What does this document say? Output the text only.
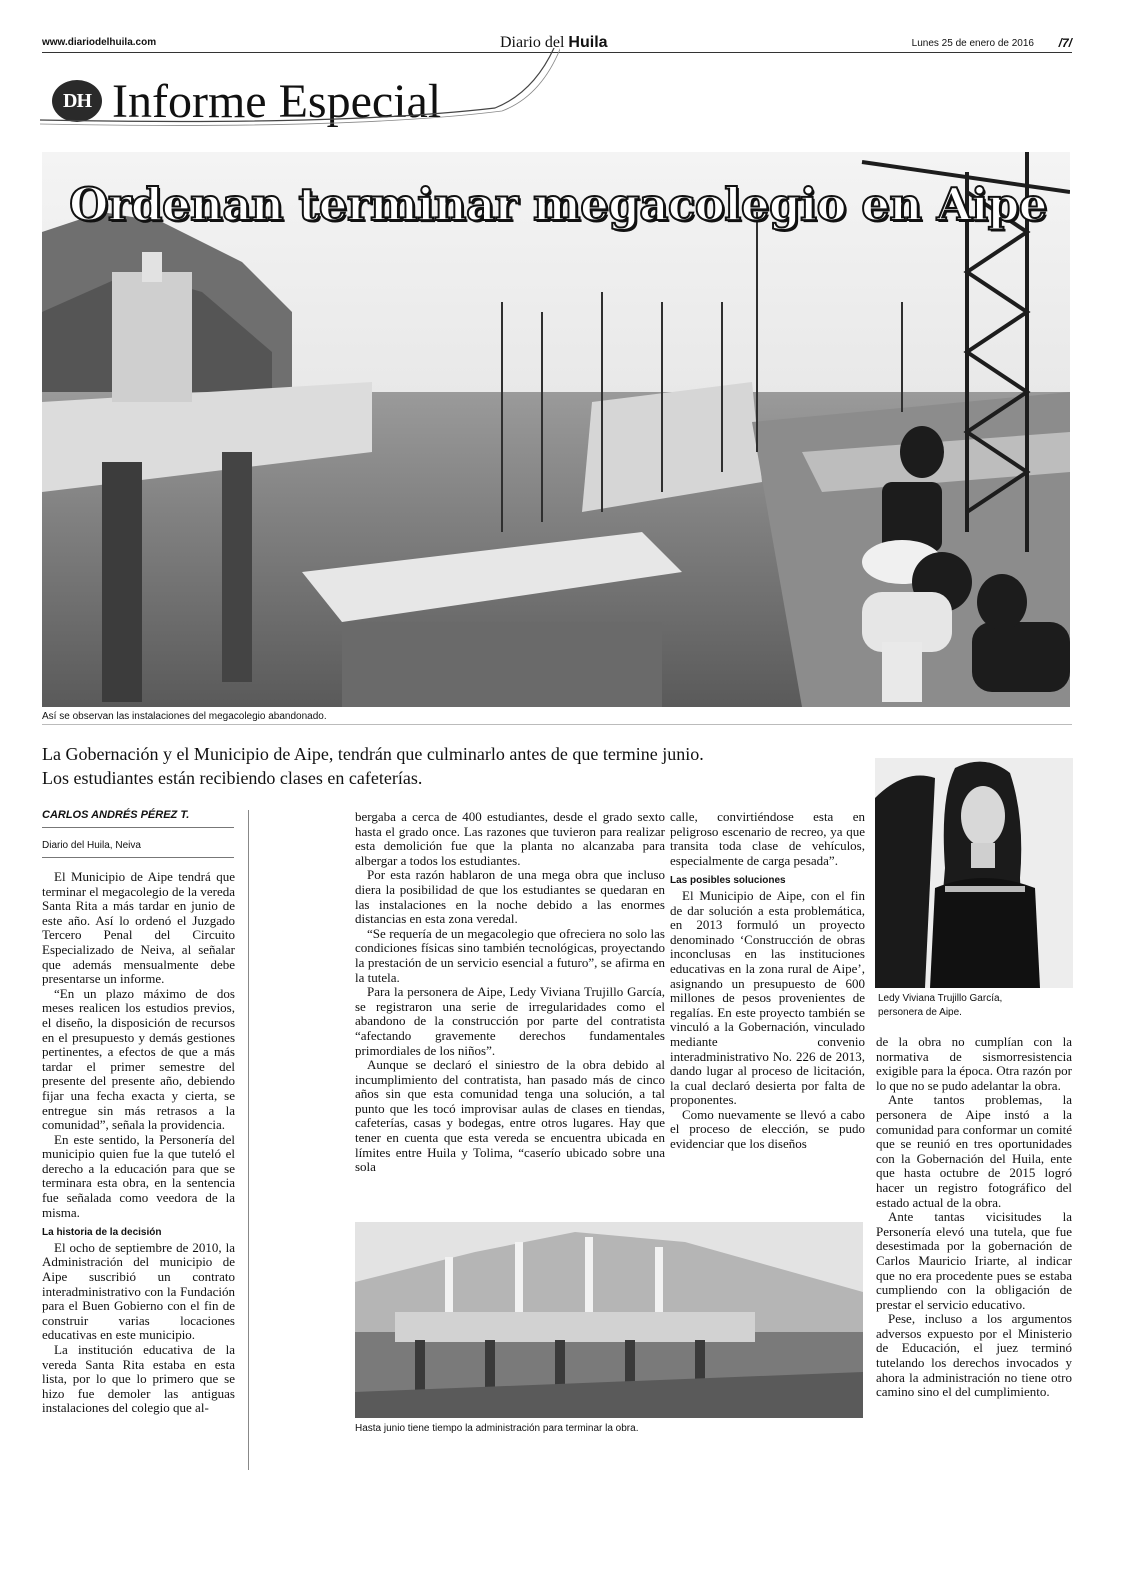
www.diariodelhuila.com	Diario del Huila	Lunes 25 de enero de 2016 /7/
DH Informe Especial
Ordenan terminar megacolegio en Aipe
Así se observan las instalaciones del megacolegio abandonado.
La Gobernación y el Municipio de Aipe, tendrán que culminarlo antes de que termine junio.
Los estudiantes están recibiendo clases en cafeterías.
CARLOS ANDRÉS PÉREZ T.
Diario del Huila, Neiva

El Municipio de Aipe tendrá que terminar el megacolegio de la vereda Santa Rita a más tardar en junio de este año. Así lo ordenó el Juzgado Tercero Penal del Circuito Especializado de Neiva, al señalar que además mensualmente debe presentarse un informe.

“En un plazo máximo de dos meses realicen los estudios previos, el diseño, la disposición de recursos en el presupuesto y demás gestiones pertinentes, a efectos de que a más tardar el primer semestre del presente del presente año, debiendo fijar una fecha exacta y cierta, se entregue sin más retrasos a la comunidad”, señala la providencia.

En este sentido, la Personería del municipio quien fue la que tuteló el derecho a la educación para que se terminara esta obra, en la sentencia fue señalada como veedora de la misma.

La historia de la decisión

El ocho de septiembre de 2010, la Administración del municipio de Aipe suscribió un contrato interadministrativo con la Fundación para el Buen Gobierno con el fin de construir varias locaciones educativas en este municipio.

La institución educativa de la vereda Santa Rita estaba en esta lista, por lo que lo primero que se hizo fue demoler las antiguas instalaciones del colegio que al-

bergaba a cerca de 400 estudiantes, desde el grado sexto hasta el grado once. Las razones que tuvieron para realizar esta demolición fue que la planta no alcanzaba para albergar a todos los estudiantes.

Por esta razón hablaron de una mega obra que incluso diera la posibilidad de que los estudiantes se quedaran en las instalaciones en la noche debido a las enormes distancias en esta zona veredal.

“Se requería de un megacolegio que ofreciera no solo las condiciones físicas sino también tecnológicas, proyectando la prestación de un servicio esencial a futuro”, se afirma en la tutela.

Para la personera de Aipe, Ledy Viviana Trujillo García, se registraron una serie de irregularidades como el abandono de la construcción por parte del contratista “afectando gravemente derechos fundamentales primordiales de los niños”.

Aunque se declaró el siniestro de la obra debido al incumplimiento del contratista, han pasado más de cinco años sin que esta comunidad tenga una solución, a tal punto que les tocó improvisar aulas de clases en tiendas, cafeterías, casas y bodegas, entre otros lugares. Hay que tener en cuenta que esta vereda se encuentra ubicada en límites entre Huila y Tolima, “caserío ubicado sobre una sola

calle, convirtiéndose esta en peligroso escenario de recreo, ya que transita toda clase de vehículos, especialmente de carga pesada”.

Las posibles soluciones

El Municipio de Aipe, con el fin de dar solución a esta problemática, en 2013 formuló un proyecto denominado ‘Construcción de obras inconclusas en las instituciones educativas en la zona rural de Aipe’, asignando un presupuesto de 600 millones de pesos provenientes de regalías. En este proyecto también se vinculó a la Gobernación, vinculado mediante convenio interadministrativo No. 226 de 2013, dando lugar al proceso de licitación, la cual declaró desierta por falta de proponentes.

Como nuevamente se llevó a cabo el proceso de elección, se pudo evidenciar que los diseños

Ledy Viviana Trujillo García,
personera de Aipe.

de la obra no cumplían con la normativa de sismorresistencia exigible para la época. Otra razón por lo que no se pudo adelantar la obra.

Ante tantos problemas, la personera de Aipe instó a la comunidad para conformar un comité que se reunió en tres oportunidades con la Gobernación del Huila, ente que hasta octubre de 2015 logró hacer un registro fotográfico del estado actual de la obra.

Ante tantas vicisitudes la Personería elevó una tutela, que fue desestimada por la gobernación de Carlos Mauricio Iriarte, al indicar que no era procedente pues se estaba cumpliendo con la obligación de prestar el servicio educativo.

Pese, incluso a los argumentos adversos expuesto por el Ministerio de Educación, el juez terminó tutelando los derechos invocados y ahora la administración no tiene otro camino sino el del cumplimiento.

Hasta junio tiene tiempo la administración para terminar la obra.
